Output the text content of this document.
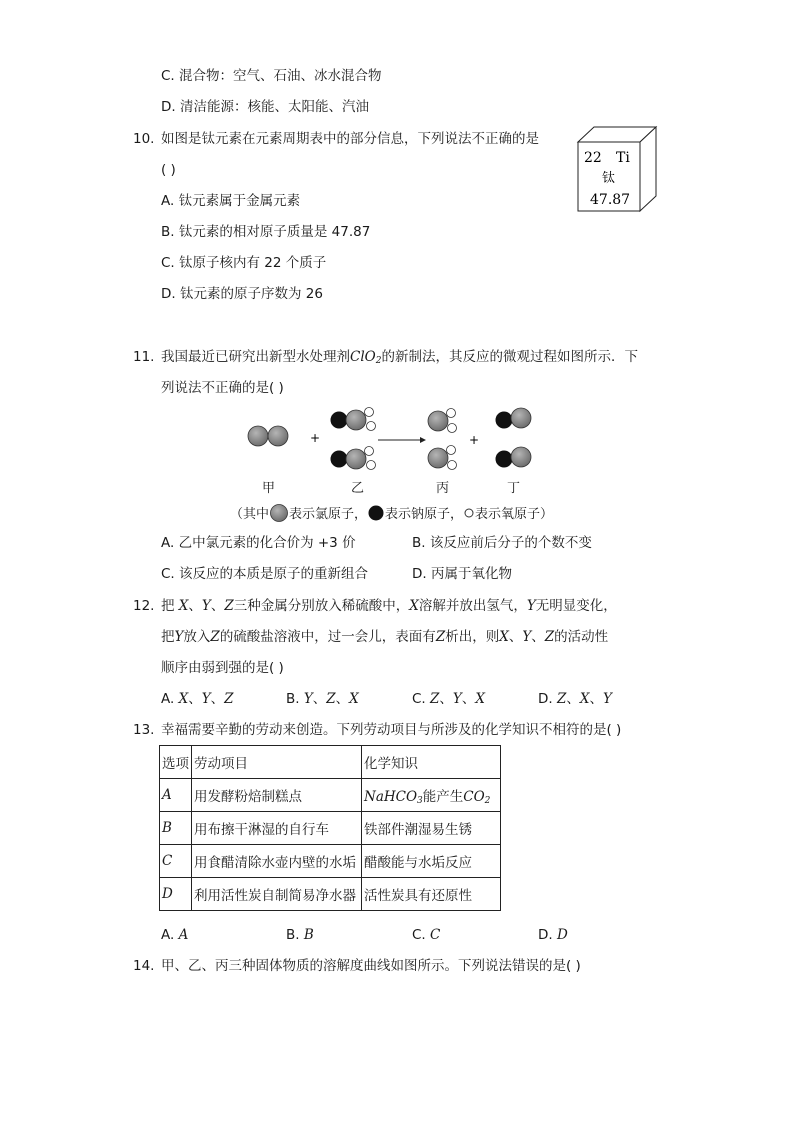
C. 混合物：空气、石油、冰水混合物
D. 清洁能源：核能、太阳能、汽油
10. 如图是钛元素在元素周期表中的部分信息，下列说法不正确的是
( )
A. 钛元素属于金属元素
B. 钛元素的相对原子质量是 47.87
C. 钛原子核内有 22 个质子
D. 钛元素的原子序数为 26
22 Ti
钛
47.87
11. 我国最近已研究出新型水处理剂ClO$_2$的新制法，其反应的微观过程如图所示．下
列说法不正确的是( )
+	+
甲	乙	丙	丁
（其中 表示氯原子， 表示钠原子， 表示氧原子）
A. 乙中氯元素的化合价为 +3 价	B. 该反应前后分子的个数不变
C. 该反应的本质是原子的重新组合	D. 丙属于氧化物
12. 把 X、Y、Z三种金属分别放入稀硫酸中，X溶解并放出氢气，Y无明显变化，
把Y放入Z的硫酸盐溶液中，过一会儿，表面有Z析出，则X、Y、Z的活动性
顺序由弱到强的是( )
A. X、Y、Z	B. Y、Z、X	C. Z、Y、X	D. Z、X、Y
13. 幸福需要辛勤的劳动来创造。下列劳动项目与所涉及的化学知识不相符的是( )
选项	劳动项目	化学知识
A	用发酵粉焙制糕点	NaHCO$_3$能产生$CO_2$
B	用布擦干淋湿的自行车	铁部件潮湿易生锈
C	用食醋清除水壶内壁的水垢	醋酸能与水垢反应
D	利用活性炭自制简易净水器	活性炭具有还原性
A. A	B. B	C. C	D. D
14. 甲、乙、丙三种固体物质的溶解度曲线如图所示。下列说法错误的是( )
